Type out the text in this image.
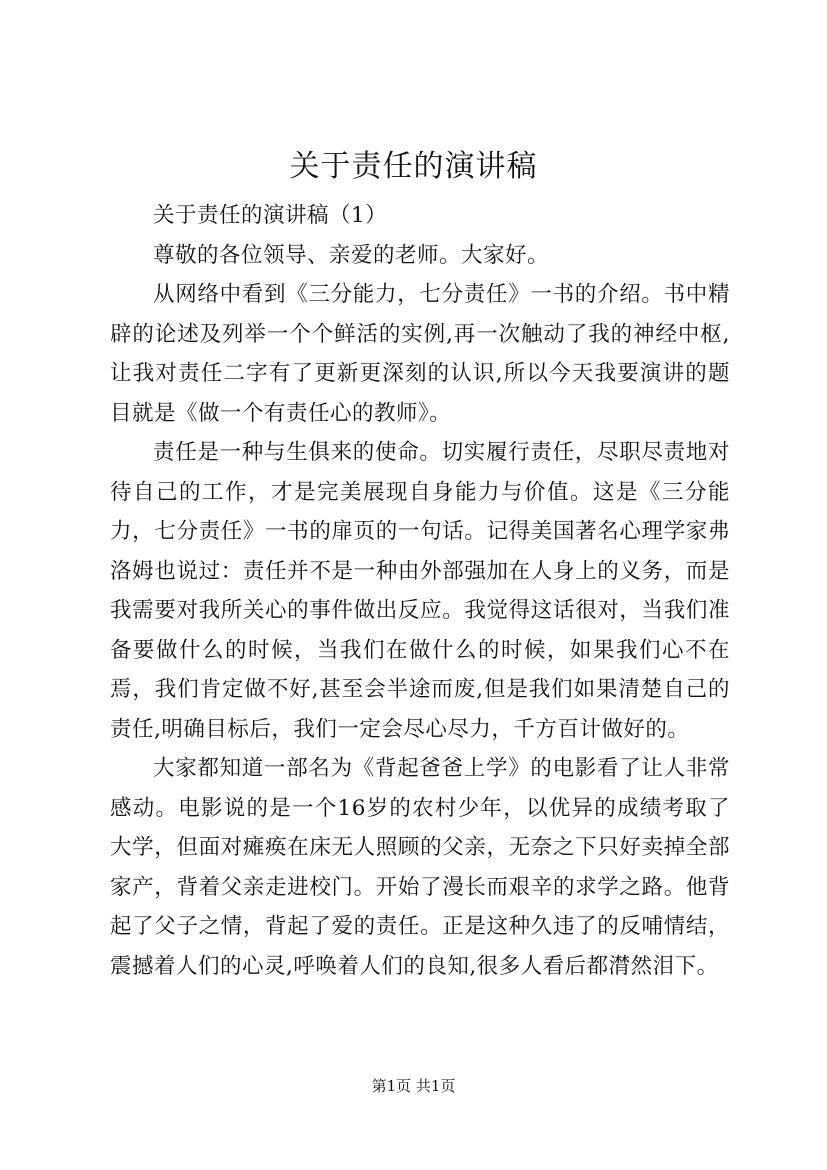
关于责任的演讲稿

关于责任的演讲稿（1）

尊敬的各位领导、亲爱的老师。大家好。

从网络中看到《三分能力，七分责任》一书的介绍。书中精辟的论述及列举一个个鲜活的实例,再一次触动了我的神经中枢,让我对责任二字有了更新更深刻的认识,所以今天我要演讲的题目就是《做一个有责任心的教师》。

责任是一种与生俱来的使命。切实履行责任，尽职尽责地对待自己的工作，才是完美展现自身能力与价值。这是《三分能力，七分责任》一书的扉页的一句话。记得美国著名心理学家弗洛姆也说过：责任并不是一种由外部强加在人身上的义务，而是我需要对我所关心的事件做出反应。我觉得这话很对，当我们准备要做什么的时候，当我们在做什么的时候，如果我们心不在焉，我们肯定做不好,甚至会半途而废,但是我们如果清楚自己的责任,明确目标后，我们一定会尽心尽力，千方百计做好的。

大家都知道一部名为《背起爸爸上学》的电影看了让人非常感动。电影说的是一个16岁的农村少年，以优异的成绩考取了大学，但面对瘫痪在床无人照顾的父亲，无奈之下只好卖掉全部家产，背着父亲走进校门。开始了漫长而艰辛的求学之路。他背起了父子之情，背起了爱的责任。正是这种久违了的反哺情结，震撼着人们的心灵,呼唤着人们的良知,很多人看后都潸然泪下。

第1页 共1页
